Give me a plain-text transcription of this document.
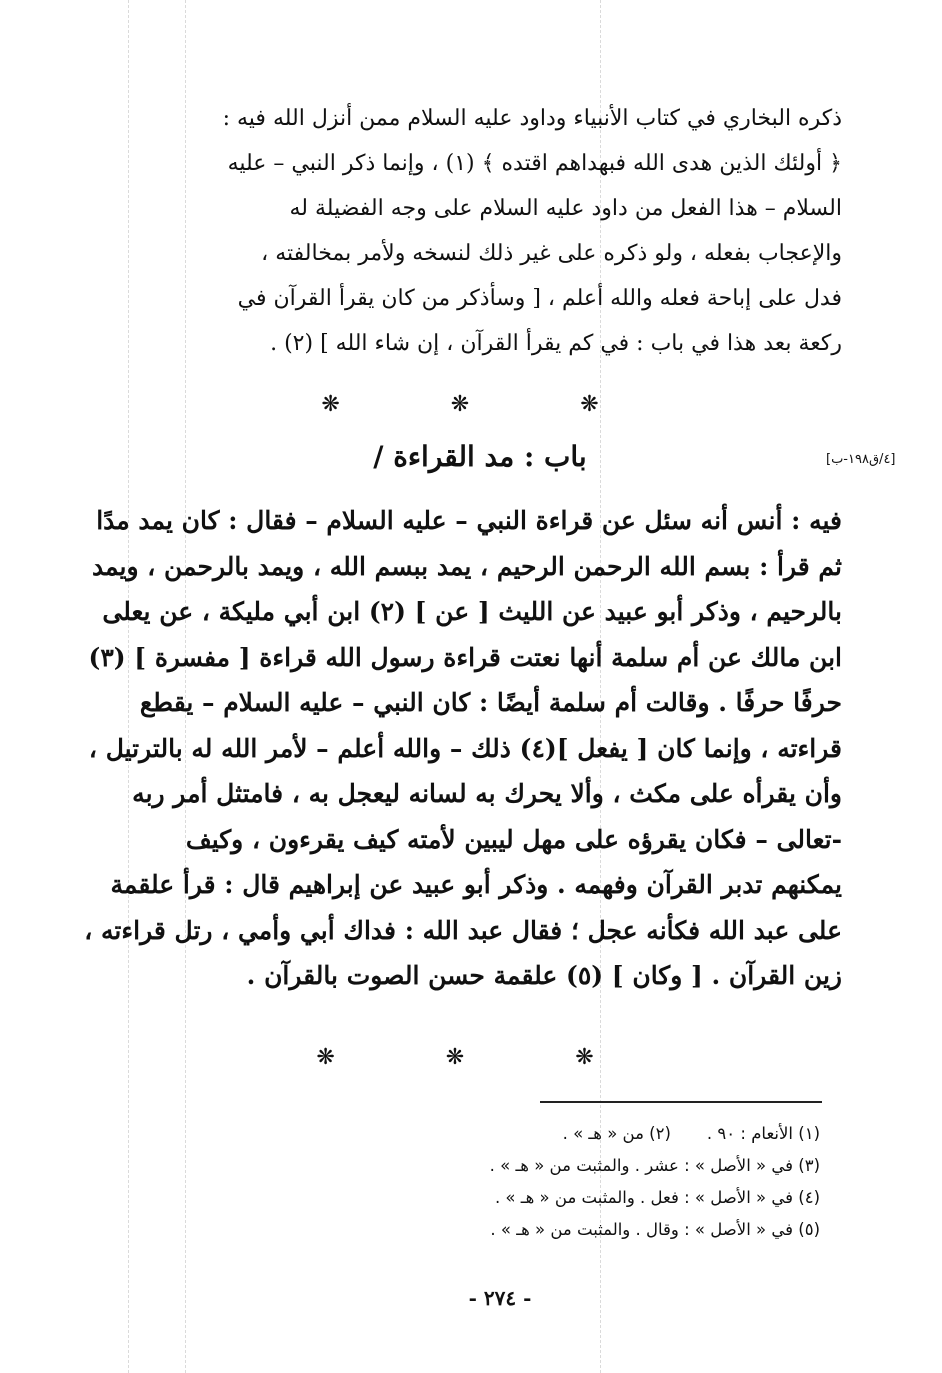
ذكره البخاري في كتاب الأنبياء وداود عليه السلام ممن أنزل الله فيه :
﴿ أولئك الذين هدى الله فبهداهم اقتده ﴾ (١) ، وإنما ذكر النبي – عليه
السلام – هذا الفعل من داود عليه السلام على وجه الفضيلة له
والإعجاب بفعله ، ولو ذكره على غير ذلك لنسخه ولأمر بمخالفته ،
فدل على إباحة فعله والله أعلم ، [ وسأذكر من كان يقرأ القرآن في
ركعة بعد هذا في باب : في كم يقرأ القرآن ، إن شاء الله ] (٢) .
❋ ❋ ❋
باب : مد القراءة /	[٤/ق١٩٨-ب]
فيه : أنس أنه سئل عن قراءة النبي – عليه السلام – فقال : كان يمد مدًا
ثم قرأ : بسم الله الرحمن الرحيم ، يمد ببسم الله ، ويمد بالرحمن ، ويمد
بالرحيم ، وذكر أبو عبيد عن الليث [ عن ] (٢) ابن أبي مليكة ، عن يعلى
ابن مالك عن أم سلمة أنها نعتت قراءة رسول الله قراءة [ مفسرة ] (٣)
حرفًا حرفًا . وقالت أم سلمة أيضًا : كان النبي – عليه السلام – يقطع
قراءته ، وإنما كان [ يفعل ](٤) ذلك – والله أعلم – لأمر الله له بالترتيل ،
وأن يقرأه على مكث ، وألا يحرك به لسانه ليعجل به ، فامتثل أمر ربه
-تعالى – فكان يقرؤه على مهل ليبين لأمته كيف يقرءون ، وكيف
يمكنهم تدبر القرآن وفهمه . وذكر أبو عبيد عن إبراهيم قال : قرأ علقمة
على عبد الله فكأنه عجل ؛ فقال عبد الله : فداك أبي وأمي ، رتل قراءته ،
زين القرآن . [ وكان ] (٥) علقمة حسن الصوت بالقرآن .
❋ ❋ ❋
(١) الأنعام : ٩٠ .(٢) من « هـ » .
(٣) في « الأصل » : عشر . والمثبت من « هـ » .
(٤) في « الأصل » : فعل . والمثبت من « هـ » .
(٥) في « الأصل » : وقال . والمثبت من « هـ » .
- ٢٧٤ -
